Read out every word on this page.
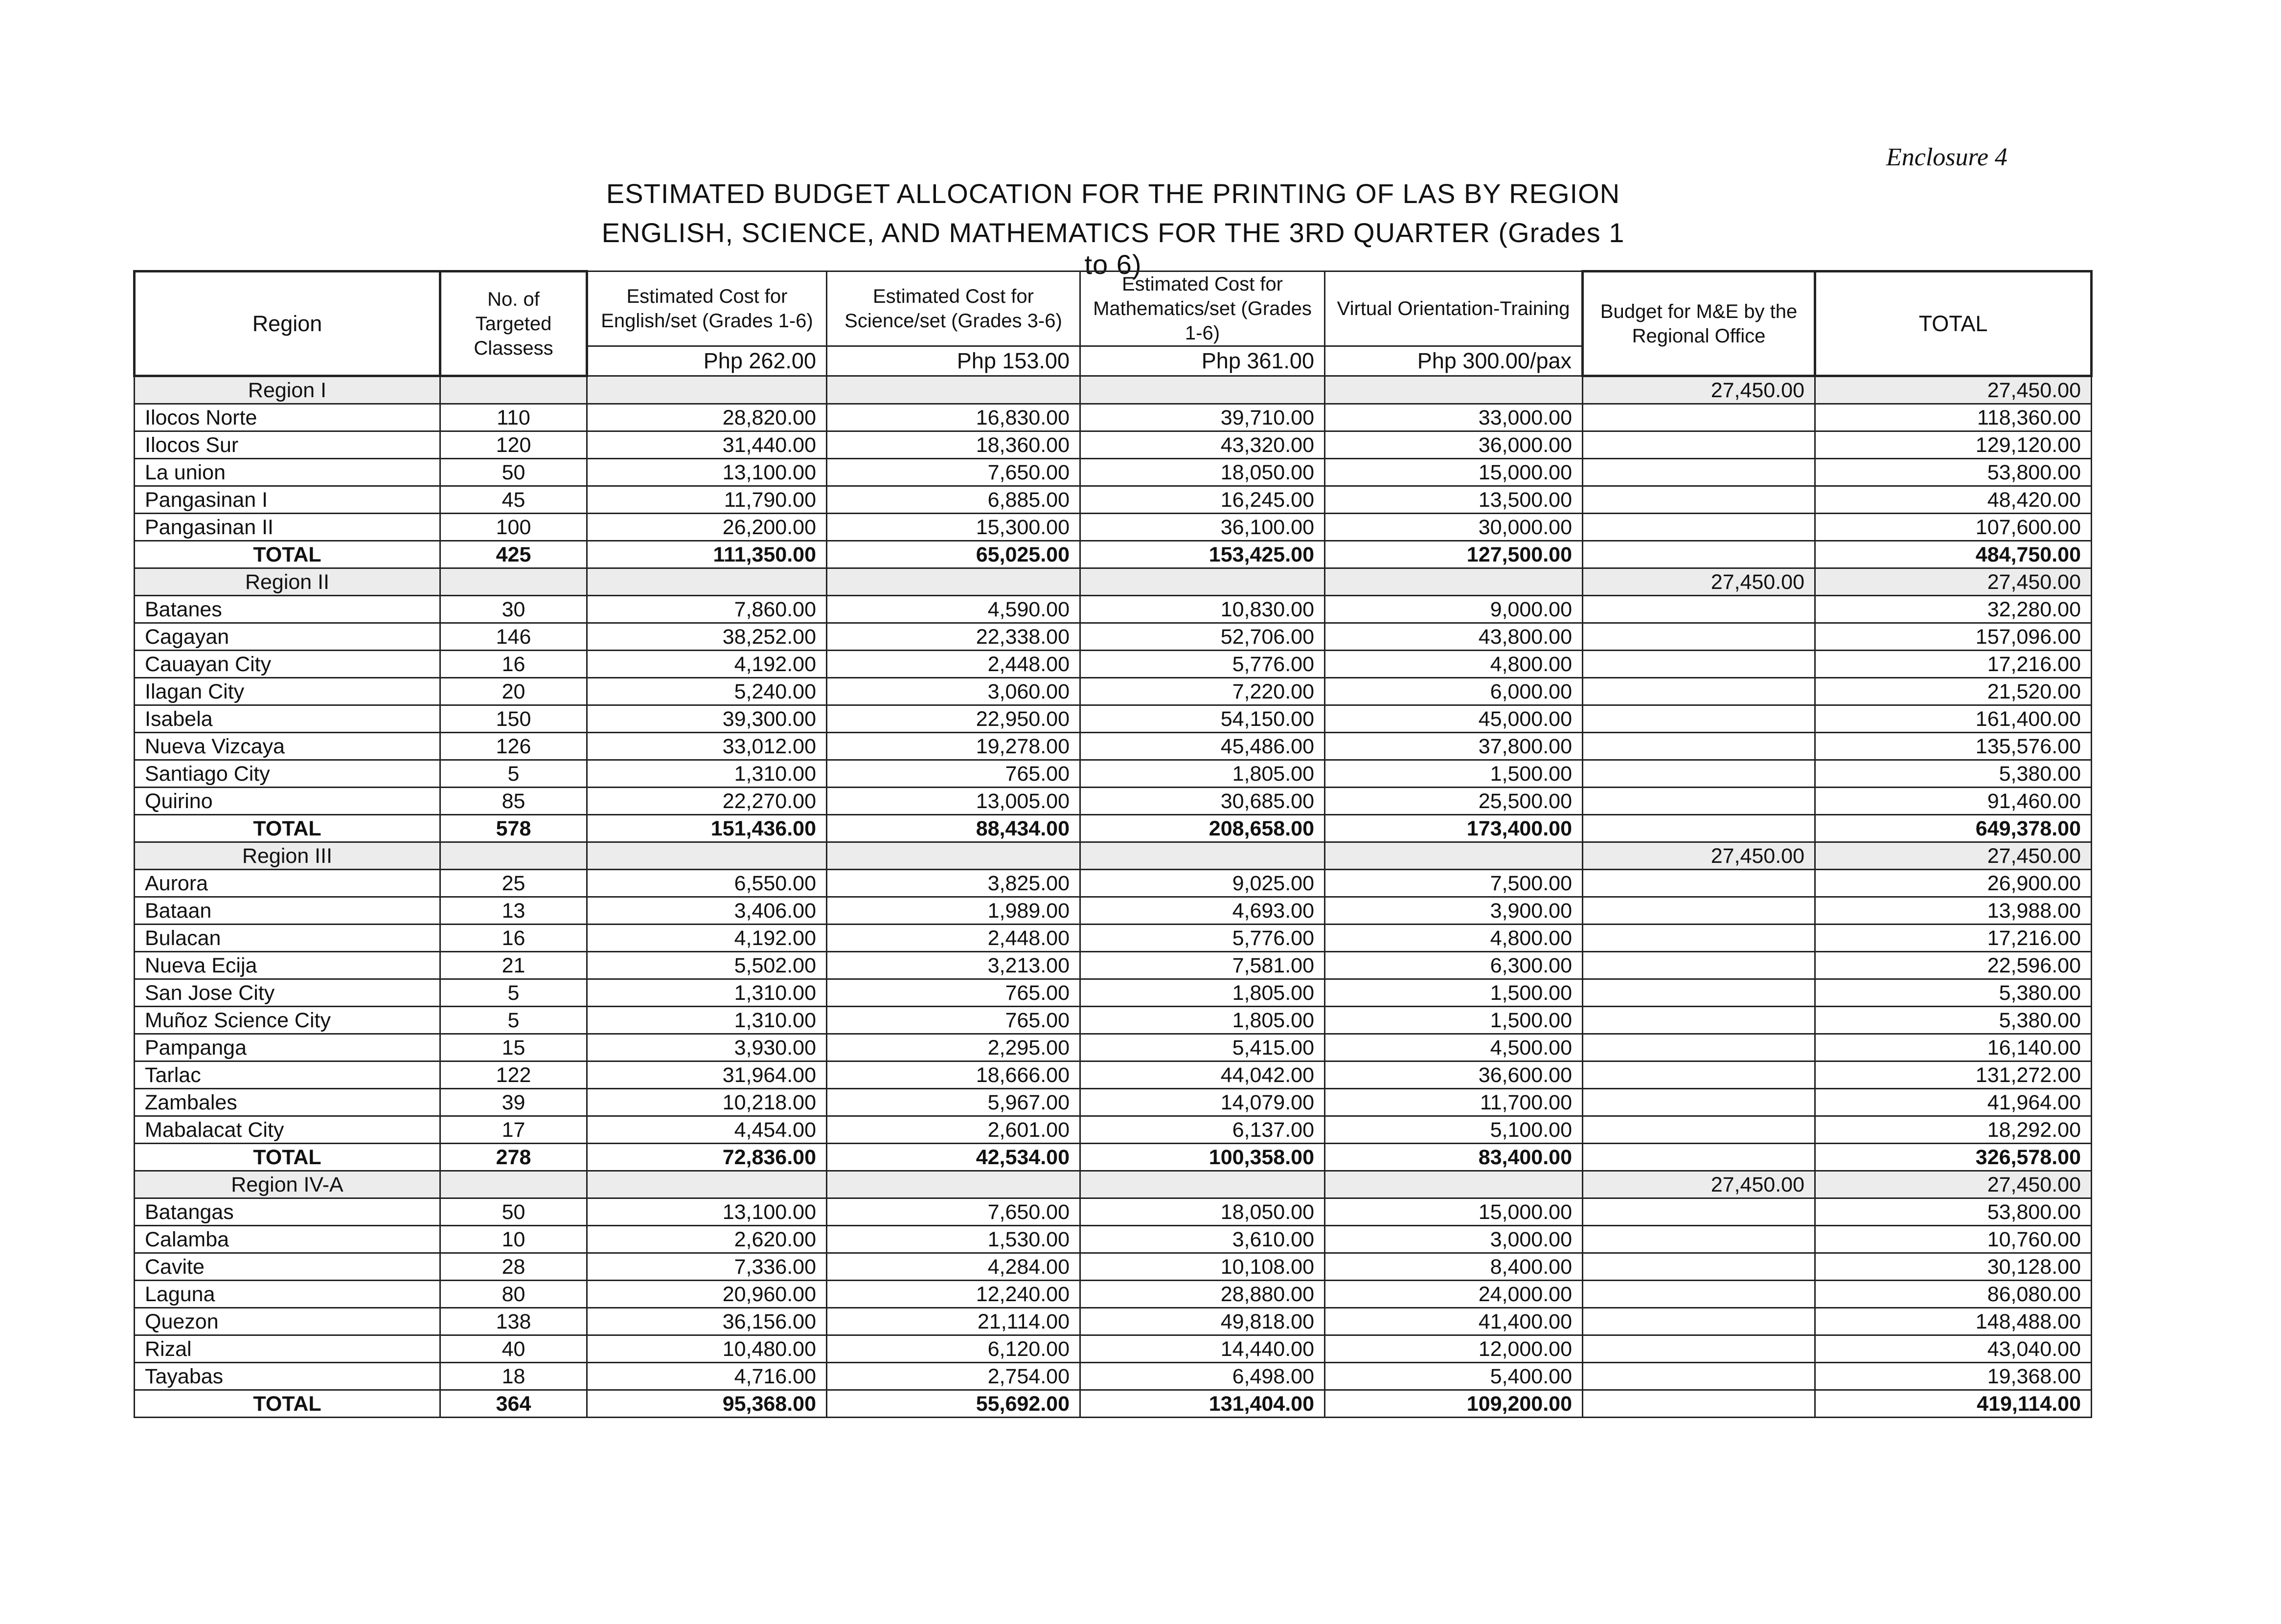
Enclosure 4
ESTIMATED BUDGET ALLOCATION FOR THE PRINTING OF LAS BY REGION
ENGLISH, SCIENCE, AND MATHEMATICS FOR THE 3RD QUARTER (Grades 1 to 6)
Region	No. of Targeted Classess	Estimated Cost for English/set (Grades 1-6)	Estimated Cost for Science/set (Grades 3-6)	Estimated Cost for Mathematics/set (Grades 1-6)	Virtual Orientation-Training	Budget for M&E by the Regional Office	TOTAL
		Php 262.00	Php 153.00	Php 361.00	Php 300.00/pax		
Region I						27,450.00	27,450.00
Ilocos Norte	110	28,820.00	16,830.00	39,710.00	33,000.00		118,360.00
Ilocos Sur	120	31,440.00	18,360.00	43,320.00	36,000.00		129,120.00
La union	50	13,100.00	7,650.00	18,050.00	15,000.00		53,800.00
Pangasinan I	45	11,790.00	6,885.00	16,245.00	13,500.00		48,420.00
Pangasinan II	100	26,200.00	15,300.00	36,100.00	30,000.00		107,600.00
TOTAL	425	111,350.00	65,025.00	153,425.00	127,500.00		484,750.00
Region II						27,450.00	27,450.00
Batanes	30	7,860.00	4,590.00	10,830.00	9,000.00		32,280.00
Cagayan	146	38,252.00	22,338.00	52,706.00	43,800.00		157,096.00
Cauayan City	16	4,192.00	2,448.00	5,776.00	4,800.00		17,216.00
Ilagan City	20	5,240.00	3,060.00	7,220.00	6,000.00		21,520.00
Isabela	150	39,300.00	22,950.00	54,150.00	45,000.00		161,400.00
Nueva Vizcaya	126	33,012.00	19,278.00	45,486.00	37,800.00		135,576.00
Santiago City	5	1,310.00	765.00	1,805.00	1,500.00		5,380.00
Quirino	85	22,270.00	13,005.00	30,685.00	25,500.00		91,460.00
TOTAL	578	151,436.00	88,434.00	208,658.00	173,400.00		649,378.00
Region III						27,450.00	27,450.00
Aurora	25	6,550.00	3,825.00	9,025.00	7,500.00		26,900.00
Bataan	13	3,406.00	1,989.00	4,693.00	3,900.00		13,988.00
Bulacan	16	4,192.00	2,448.00	5,776.00	4,800.00		17,216.00
Nueva Ecija	21	5,502.00	3,213.00	7,581.00	6,300.00		22,596.00
San Jose City	5	1,310.00	765.00	1,805.00	1,500.00		5,380.00
Muñoz Science City	5	1,310.00	765.00	1,805.00	1,500.00		5,380.00
Pampanga	15	3,930.00	2,295.00	5,415.00	4,500.00		16,140.00
Tarlac	122	31,964.00	18,666.00	44,042.00	36,600.00		131,272.00
Zambales	39	10,218.00	5,967.00	14,079.00	11,700.00		41,964.00
Mabalacat City	17	4,454.00	2,601.00	6,137.00	5,100.00		18,292.00
TOTAL	278	72,836.00	42,534.00	100,358.00	83,400.00		326,578.00
Region IV-A						27,450.00	27,450.00
Batangas	50	13,100.00	7,650.00	18,050.00	15,000.00		53,800.00
Calamba	10	2,620.00	1,530.00	3,610.00	3,000.00		10,760.00
Cavite	28	7,336.00	4,284.00	10,108.00	8,400.00		30,128.00
Laguna	80	20,960.00	12,240.00	28,880.00	24,000.00		86,080.00
Quezon	138	36,156.00	21,114.00	49,818.00	41,400.00		148,488.00
Rizal	40	10,480.00	6,120.00	14,440.00	12,000.00		43,040.00
Tayabas	18	4,716.00	2,754.00	6,498.00	5,400.00		19,368.00
TOTAL	364	95,368.00	55,692.00	131,404.00	109,200.00		419,114.00
